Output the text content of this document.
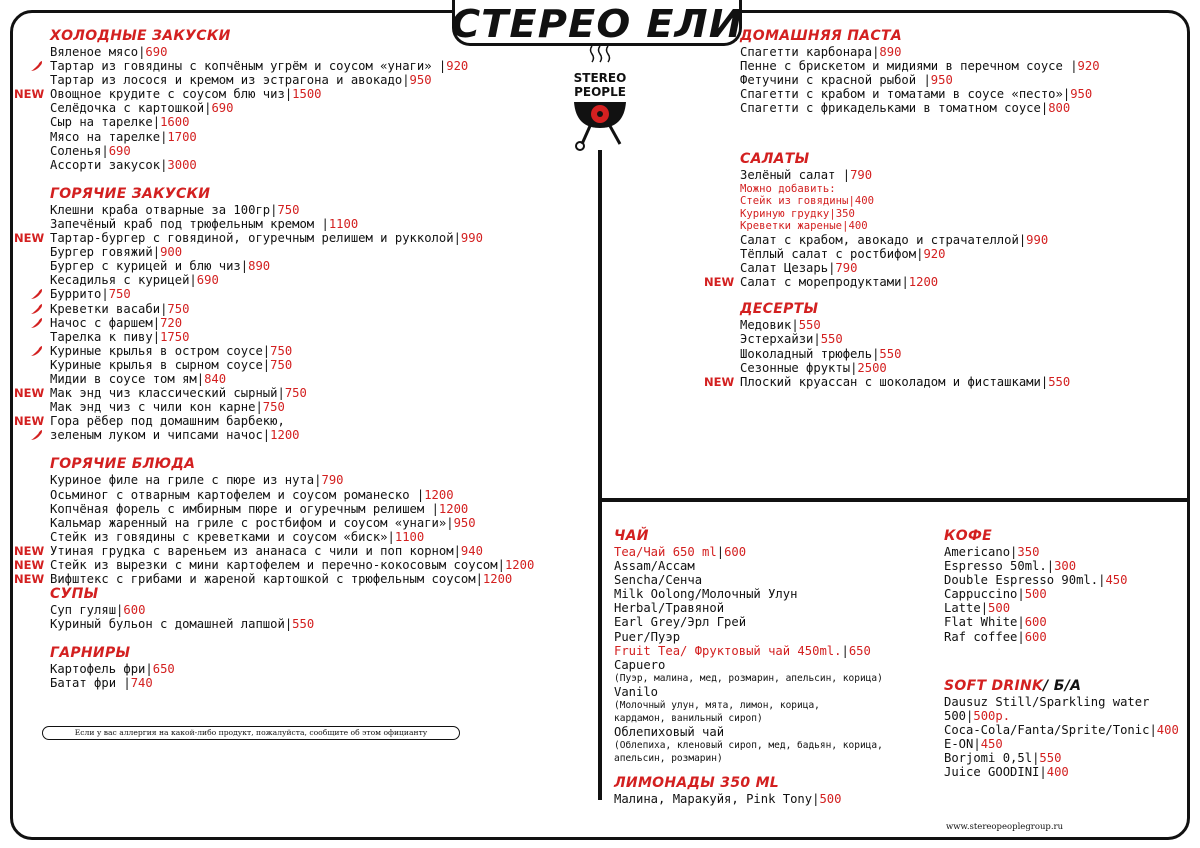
СТЕРЕО ЕЛИ
STEREO
PEOPLE
ХОЛОДНЫЕ ЗАКУСКИ
Вяленое мясо|690
Тартар из говядины с копчёным угрём и соусом «унаги» |920
Тартар из лосося и кремом из эстрагона и авокадо|950
NEW Овощное крудите с соусом блю чиз|1500
Селёдочка с картошкой|690
Сыр на тарелке|1600
Мясо на тарелке|1700
Соленья|690
Ассорти закусок|3000
ГОРЯЧИЕ ЗАКУСКИ
Клешни краба отварные за 100гр|750
Запечёный краб под трюфельным кремом |1100
NEW Тартар-бургер с говядиной, огуречным релишем и рукколой|990
Бургер говяжий|900
Бургер с курицей и блю чиз|890
Кесадилья с курицей|690
Буррито|750
Креветки васаби|750
Начос с фаршем|720
Тарелка к пиву|1750
Куриные крылья в остром соусе|750
Куриные крылья в сырном соусе|750
Мидии в соусе том ям|840
NEW Мак энд чиз классический сырный|750
Мак энд чиз с чили кон карне|750
NEW Гора рёбер под домашним барбекю,
зеленым луком и чипсами начос|1200
ГОРЯЧИЕ БЛЮДА
Куриное филе на гриле с пюре из нута|790
Осьминог с отварным картофелем и соусом романеско |1200
Копчёная форель с имбирным пюре и огуречным релишем |1200
Кальмар жаренный на гриле с ростбифом и соусом «унаги»|950
Стейк из говядины с креветками и соусом «биск»|1100
NEW Утиная грудка с вареньем из ананаса с чили и поп корном|940
NEW Стейк из вырезки с мини картофелем и перечно-кокосовым соусом|1200
NEW Вифштекс с грибами и жареной картошкой с трюфельным соусом|1200
СУПЫ
Суп гуляш|600
Куриный бульон с домашней лапшой|550
ГАРНИРЫ
Картофель фри|650
Батат фри |740
Если у вас аллергия на какой-либо продукт, пожалуйста, сообщите об этом официанту
ДОМАШНЯЯ ПАСТА
Спагетти карбонара|890
Пенне с брискетом и мидиями в перечном соусе |920
Фетучини с красной рыбой |950
Спагетти с крабом и томатами в соусе «песто»|950
Спагетти с фрикадельками в томатном соусе|800
САЛАТЫ
Зелёный салат |790
Можно добавить:
Стейк из говядины|400
Куриную грудку|350
Креветки жареные|400
Салат с крабом, авокадо и страчателлой|990
Тёплый салат с ростбифом|920
Салат Цезарь|790
NEW Салат с морепродуктами|1200
ДЕСЕРТЫ
Медовик|550
Эстерхайзи|550
Шоколадный трюфель|550
Сезонные фрукты|2500
NEW Плоский круассан с шоколадом и фисташками|550
ЧАЙ
Tea/Чай 650 ml|600
Assam/Ассам
Sencha/Сенча
Milk Oolong/Молочный Улун
Herbal/Травяной
Earl Grey/Эрл Грей
Puer/Пуэр
Fruit Tea/ Фруктовый чай 450ml.|650
Capuero
(Пуэр, малина, мед, розмарин, апельсин, корица)
Vanilo
(Молочный улун, мята, лимон, корица,
кардамон, ванильный сироп)
Облепиховый чай
(Облепиха, кленовый сироп, мед, бадьян, корица,
апельсин, розмарин)
ЛИМОНАДЫ 350 ML
Малина, Маракуйя, Pink Tony|500
КОФЕ
Americano|350
Espresso 50ml.|300
Double Espresso 90ml.|450
Cappuccino|500
Latte|500
Flat White|600
Raf coffee|600
SOFT DRINK/ Б/А
Dausuz Still/Sparkling water
500|500р.
Coca-Cola/Fanta/Sprite/Tonic|400
E-ON|450
Borjomi 0,5l|550
Juice GOODINI|400
www.stereopeoplegroup.ru
